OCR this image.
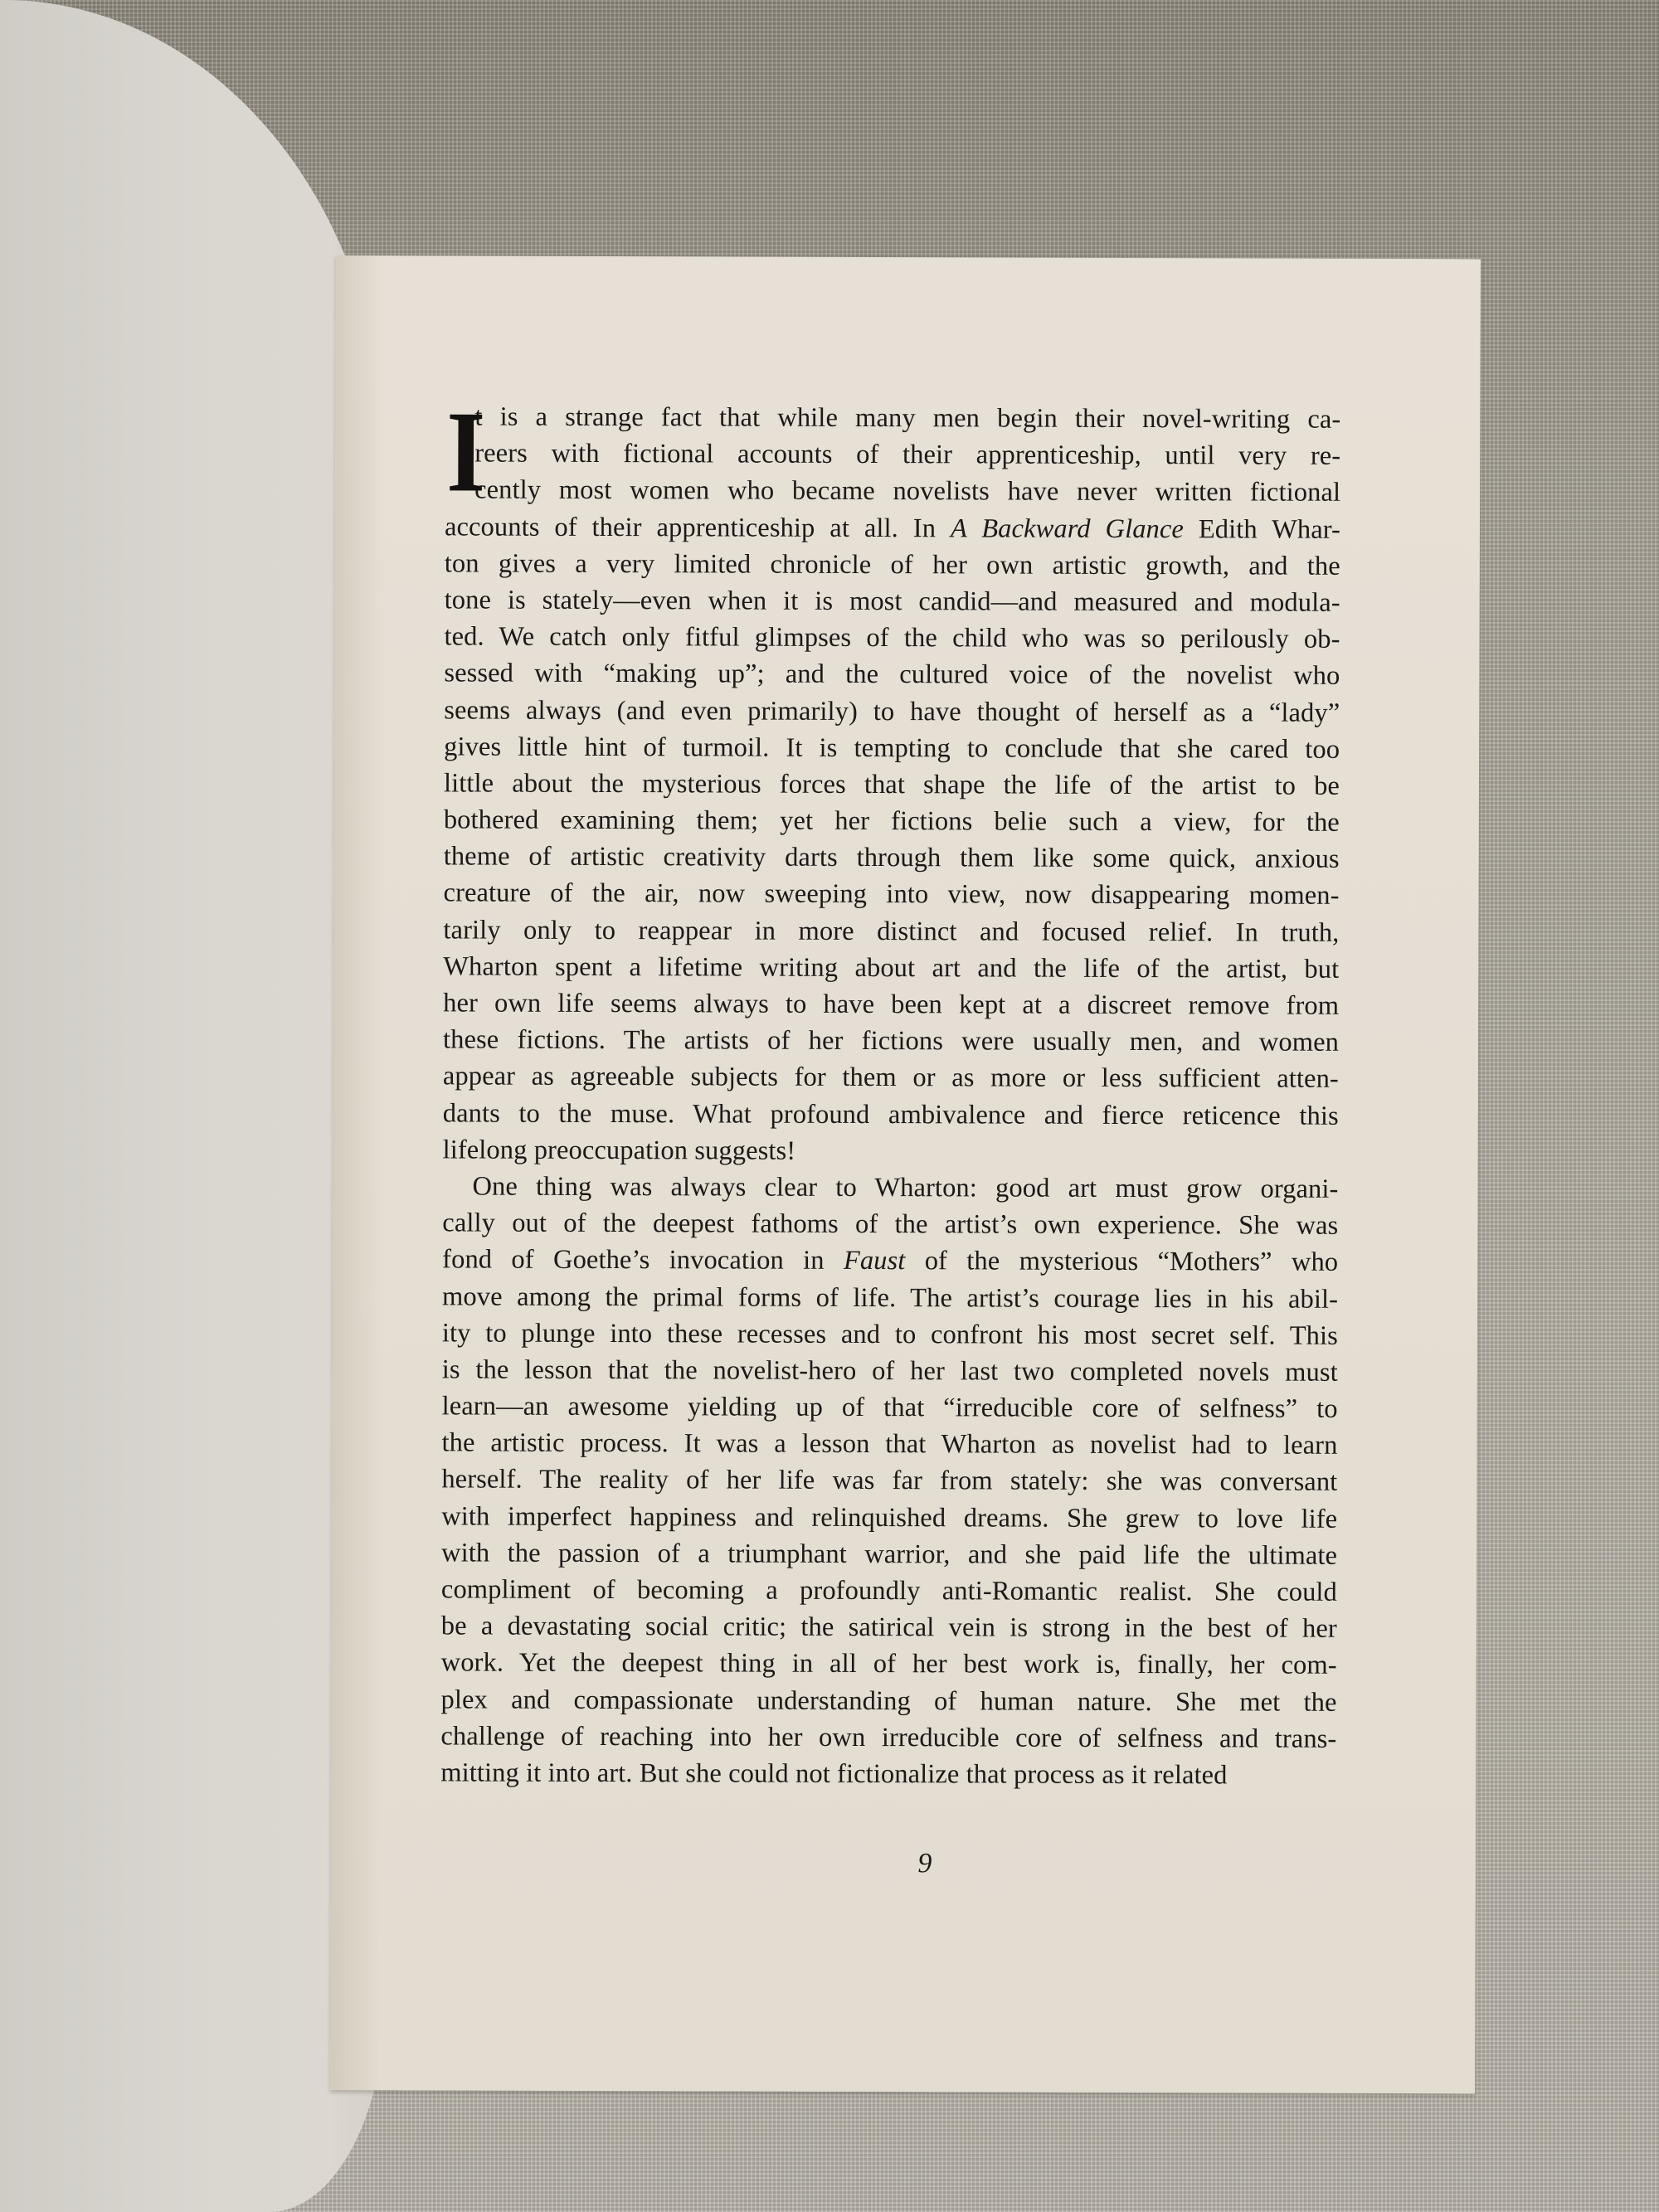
I
t is a strange fact that while many men begin their novel-writing ca-
reers with fictional accounts of their apprenticeship, until very re-
cently most women who became novelists have never written fictional
accounts of their apprenticeship at all. In A Backward Glance Edith Whar-
ton gives a very limited chronicle of her own artistic growth, and the
tone is stately—even when it is most candid—and measured and modula-
ted. We catch only fitful glimpses of the child who was so perilously ob-
sessed with “making up”; and the cultured voice of the novelist who
seems always (and even primarily) to have thought of herself as a “lady”
gives little hint of turmoil. It is tempting to conclude that she cared too
little about the mysterious forces that shape the life of the artist to be
bothered examining them; yet her fictions belie such a view, for the
theme of artistic creativity darts through them like some quick, anxious
creature of the air, now sweeping into view, now disappearing momen-
tarily only to reappear in more distinct and focused relief. In truth,
Wharton spent a lifetime writing about art and the life of the artist, but
her own life seems always to have been kept at a discreet remove from
these fictions. The artists of her fictions were usually men, and women
appear as agreeable subjects for them or as more or less sufficient atten-
dants to the muse. What profound ambivalence and fierce reticence this
lifelong preoccupation suggests!
One thing was always clear to Wharton: good art must grow organi-
cally out of the deepest fathoms of the artist’s own experience. She was
fond of Goethe’s invocation in Faust of the mysterious “Mothers” who
move among the primal forms of life. The artist’s courage lies in his abil-
ity to plunge into these recesses and to confront his most secret self. This
is the lesson that the novelist-hero of her last two completed novels must
learn—an awesome yielding up of that “irreducible core of selfness” to
the artistic process. It was a lesson that Wharton as novelist had to learn
herself. The reality of her life was far from stately: she was conversant
with imperfect happiness and relinquished dreams. She grew to love life
with the passion of a triumphant warrior, and she paid life the ultimate
compliment of becoming a profoundly anti-Romantic realist. She could
be a devastating social critic; the satirical vein is strong in the best of her
work. Yet the deepest thing in all of her best work is, finally, her com-
plex and compassionate understanding of human nature. She met the
challenge of reaching into her own irreducible core of selfness and trans-
mitting it into art. But she could not fictionalize that process as it related
9
